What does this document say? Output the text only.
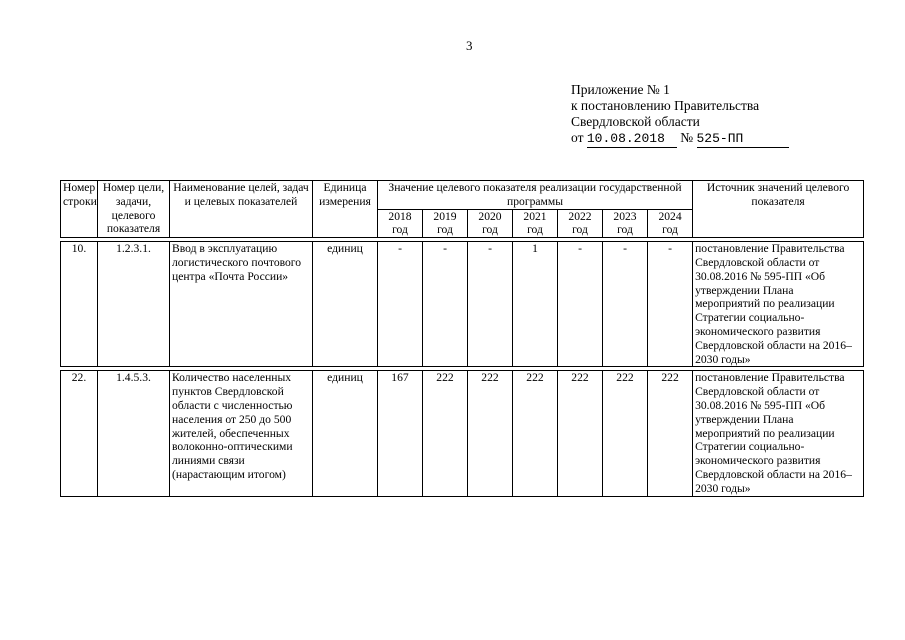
3
Приложение № 1
к постановлению Правительства
Свердловской области
от 10.08.2018 № 525-ПП
Номер строки	Номер цели, задачи, целевого показателя	Наименование целей, задач и целевых показателей	Единица измерения	Значение целевого показателя реализации государственной программы							Источник значений целевого показателя
				2018 год	2019 год	2020 год	2021 год	2022 год	2023 год	2024 год	

10.	1.2.3.1.	Ввод в эксплуатацию логистического почтового центра «Почта России»	единиц	-	-	-	1	-	-	-	постановление Правительства Свердловской области от 30.08.2016 № 595-ПП «Об утверждении Плана мероприятий по реализации Стратегии социально-экономического развития Свердловской области на 2016–2030 годы»

22.	1.4.5.3.	Количество населенных пунктов Свердловской области с численностью населения от 250 до 500 жителей, обеспеченных волоконно-оптическими линиями связи (нарастающим итогом)	единиц	167	222	222	222	222	222	222	постановление Правительства Свердловской области от 30.08.2016 № 595-ПП «Об утверждении Плана мероприятий по реализации Стратегии социально-экономического развития Свердловской области на 2016–2030 годы»
